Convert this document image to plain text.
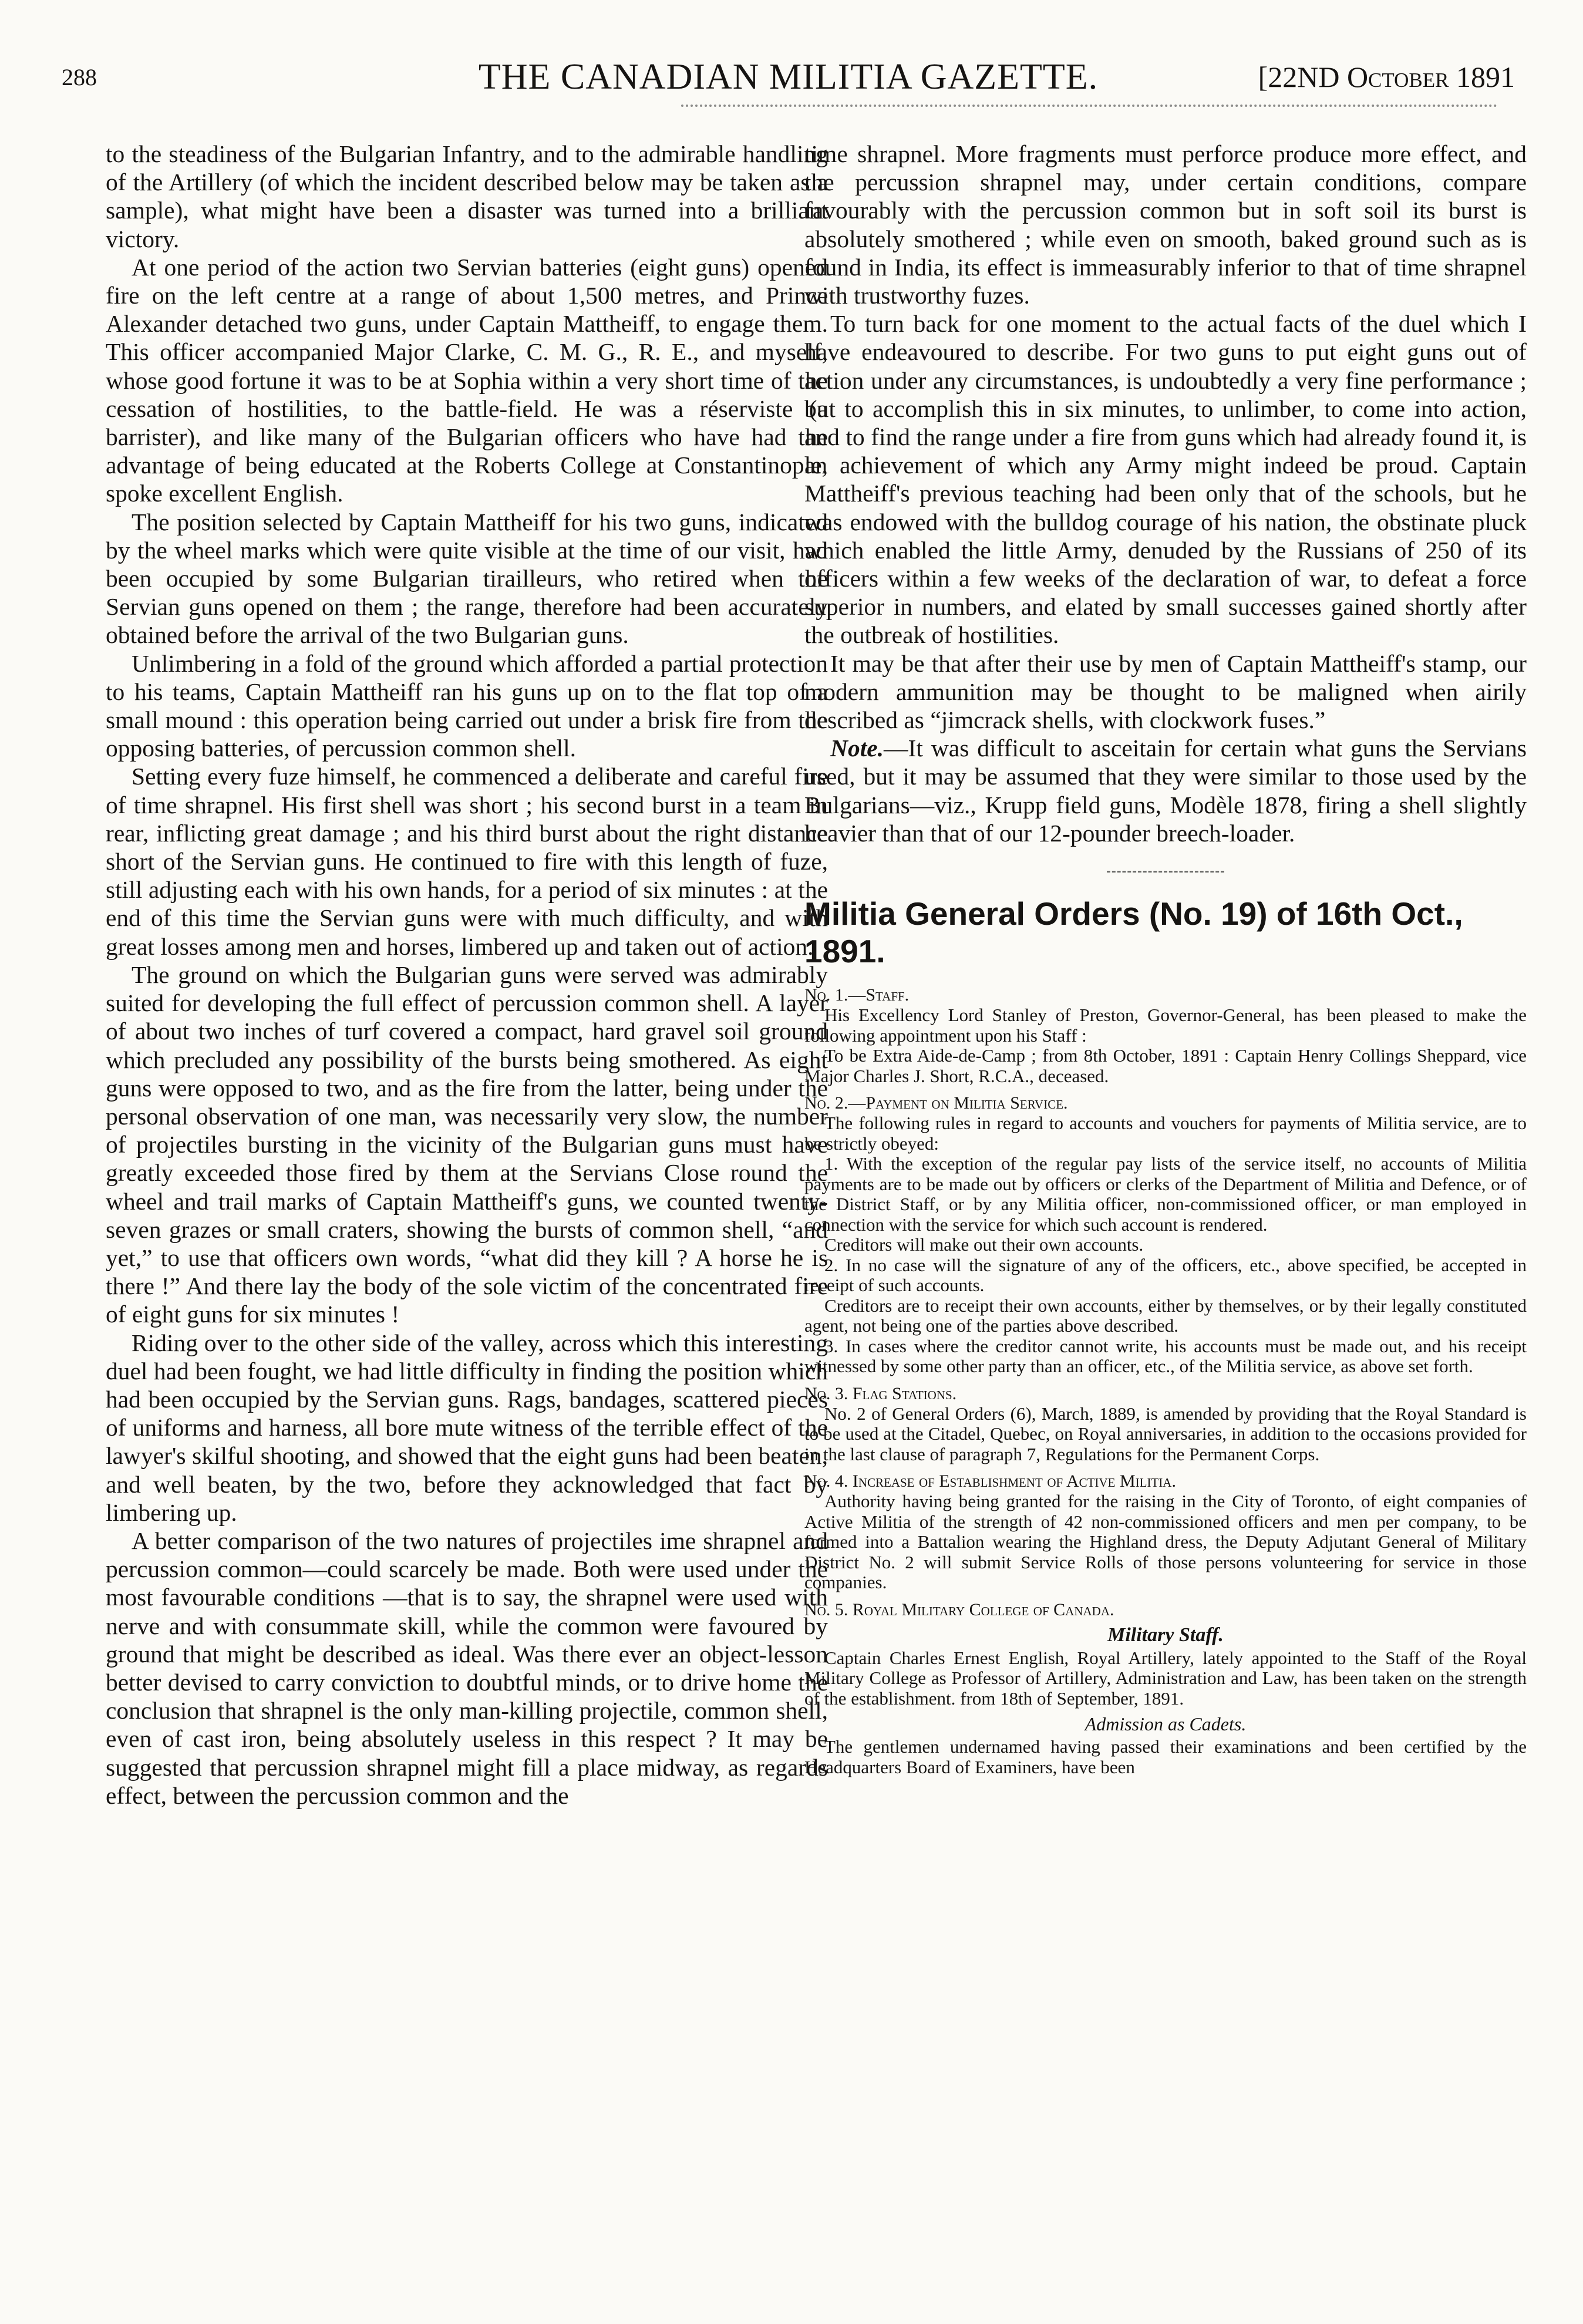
288	THE CANADIAN MILITIA GAZETTE.	[22ND October 1891

to the steadiness of the Bulgarian Infantry, and to the admirable handling of the Artillery (of which the incident described below may be taken as a sample), what might have been a disaster was turned into a brilliant victory.

At one period of the action two Servian batteries (eight guns) opened fire on the left centre at a range of about 1,500 metres, and Prince Alexander detached two guns, under Captain Mattheiff, to engage them. This officer accompanied Major Clarke, C. M. G., R. E., and myself, whose good fortune it was to be at Sophia within a very short time of the cessation of hostilities, to the battle-field. He was a réserviste (a barrister), and like many of the Bulgarian officers who have had the advantage of being educated at the Roberts College at Constantinople, spoke excellent English.

The position selected by Captain Mattheiff for his two guns, indicated by the wheel marks which were quite visible at the time of our visit, had been occupied by some Bulgarian tirailleurs, who retired when the Servian guns opened on them ; the range, therefore had been accurately obtained before the arrival of the two Bulgarian guns.

Unlimbering in a fold of the ground which afforded a partial protection to his teams, Captain Mattheiff ran his guns up on to the flat top of a small mound : this operation being carried out under a brisk fire from the opposing batteries, of percussion common shell.

Setting every fuze himself, he commenced a deliberate and careful fire of time shrapnel. His first shell was short ; his second burst in a team in rear, inflicting great damage ; and his third burst about the right distance short of the Servian guns. He continued to fire with this length of fuze, still adjusting each with his own hands, for a period of six minutes : at the end of this time the Servian guns were with much difficulty, and with great losses among men and horses, limbered up and taken out of action.

The ground on which the Bulgarian guns were served was admirably suited for developing the full effect of percussion common shell. A layer of about two inches of turf covered a compact, hard gravel soil ground which precluded any possibility of the bursts being smothered. As eight guns were opposed to two, and as the fire from the latter, being under the personal observation of one man, was necessarily very slow, the number of projectiles bursting in the vicinity of the Bulgarian guns must have greatly exceeded those fired by them at the Servians Close round the wheel and trail marks of Captain Mattheiff's guns, we counted twenty-seven grazes or small craters, showing the bursts of common shell, “and yet,” to use that officers own words, “what did they kill ? A horse he is there !” And there lay the body of the sole victim of the concentrated fire of eight guns for six minutes !

Riding over to the other side of the valley, across which this interesting duel had been fought, we had little difficulty in finding the position which had been occupied by the Servian guns. Rags, bandages, scattered pieces of uniforms and harness, all bore mute witness of the terrible effect of the lawyer's skilful shooting, and showed that the eight guns had been beaten, and well beaten, by the two, before they acknowledged that fact by limbering up.

A better comparison of the two natures of projectiles ime shrapnel and percussion common—could scarcely be made. Both were used under the most favourable conditions —that is to say, the shrapnel were used with nerve and with consummate skill, while the common were favoured by ground that might be described as ideal. Was there ever an object-lesson better devised to carry conviction to doubtful minds, or to drive home the conclusion that shrapnel is the only man-killing projectile, common shell, even of cast iron, being absolutely useless in this respect ? It may be suggested that percussion shrapnel might fill a place midway, as regards effect, between the percussion common and the

time shrapnel. More fragments must perforce produce more effect, and the percussion shrapnel may, under certain conditions, compare favourably with the percussion common but in soft soil its burst is absolutely smothered ; while even on smooth, baked ground such as is found in India, its effect is immeasurably inferior to that of time shrapnel with trustworthy fuzes.

To turn back for one moment to the actual facts of the duel which I have endeavoured to describe. For two guns to put eight guns out of action under any circumstances, is undoubtedly a very fine performance ; but to accomplish this in six minutes, to unlimber, to come into action, and to find the range under a fire from guns which had already found it, is an achievement of which any Army might indeed be proud. Captain Mattheiff's previous teaching had been only that of the schools, but he was endowed with the bulldog courage of his nation, the obstinate pluck which enabled the little Army, denuded by the Russians of 250 of its officers within a few weeks of the declaration of war, to defeat a force superior in numbers, and elated by small successes gained shortly after the outbreak of hostilities.

It may be that after their use by men of Captain Mattheiff's stamp, our modern ammunition may be thought to be maligned when airily described as “jimcrack shells, with clockwork fuses.”

Note.—It was difficult to asceitain for certain what guns the Servians used, but it may be assumed that they were similar to those used by the Bulgarians—viz., Krupp field guns, Modèle 1878, firing a shell slightly heavier than that of our 12-pounder breech-loader.

Militia General Orders (No. 19) of 16th Oct., 1891.

No. 1.—Staff.

His Excellency Lord Stanley of Preston, Governor-General, has been pleased to make the following appointment upon his Staff :

To be Extra Aide-de-Camp ; from 8th October, 1891 : Captain Henry Collings Sheppard, vice Major Charles J. Short, R.C.A., deceased.

No. 2.—Payment on Militia Service.

The following rules in regard to accounts and vouchers for payments of Militia service, are to be strictly obeyed:

1. With the exception of the regular pay lists of the service itself, no accounts of Militia payments are to be made out by officers or clerks of the Department of Militia and Defence, or of the District Staff, or by any Militia officer, non-commissioned officer, or man employed in connection with the service for which such account is rendered.

Creditors will make out their own accounts.

2. In no case will the signature of any of the officers, etc., above specified, be accepted in receipt of such accounts.

Creditors are to receipt their own accounts, either by themselves, or by their legally constituted agent, not being one of the parties above described.

3. In cases where the creditor cannot write, his accounts must be made out, and his receipt witnessed by some other party than an officer, etc., of the Militia service, as above set forth.

No. 3. Flag Stations.

No. 2 of General Orders (6), March, 1889, is amended by providing that the Royal Standard is to be used at the Citadel, Quebec, on Royal anniversaries, in addition to the occasions provided for in the last clause of paragraph 7, Regulations for the Permanent Corps.

No. 4. Increase of Establishment of Active Militia.

Authority having being granted for the raising in the City of Toronto, of eight companies of Active Militia of the strength of 42 non-commissioned officers and men per company, to be formed into a Battalion wearing the Highland dress, the Deputy Adjutant General of Military District No. 2 will submit Service Rolls of those persons volunteering for service in those companies.

No. 5. Royal Military College of Canada.

Military Staff.

Captain Charles Ernest English, Royal Artillery, lately appointed to the Staff of the Royal Military College as Professor of Artillery, Administration and Law, has been taken on the strength of the establishment. from 18th of September, 1891.

Admission as Cadets.

The gentlemen undernamed having passed their examinations and been certified by the Headquarters Board of Examiners, have been
